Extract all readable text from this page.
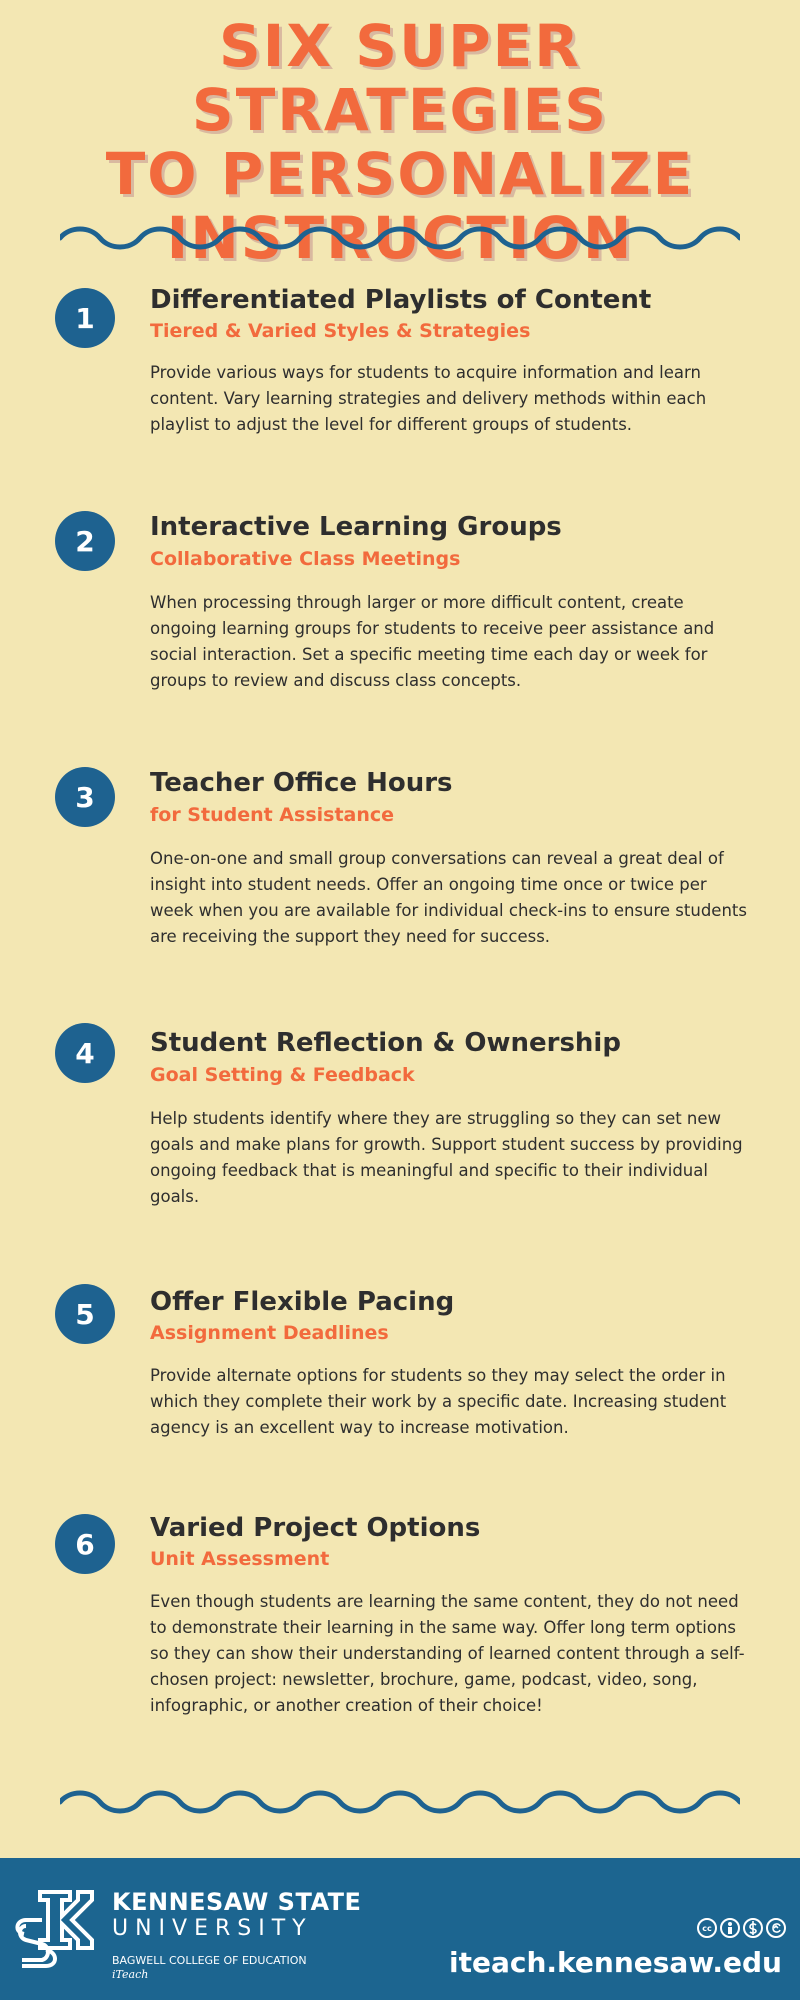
SIX SUPER STRATEGIES
TO PERSONALIZE
INSTRUCTION
1
Differentiated Playlists of Content
Tiered & Varied Styles & Strategies
Provide various ways for students to acquire information and learn content. Vary learning strategies and delivery methods within each playlist to adjust the level for different groups of students.
2	Interactive Learning Groups
Collaborative Class Meetings
When processing through larger or more difficult content, create ongoing learning groups for students to receive peer assistance and social interaction. Set a specific meeting time each day or week for groups to review and discuss class concepts.
3	Teacher Office Hours
for Student Assistance
One-on-one and small group conversations can reveal a great deal of insight into student needs. Offer an ongoing time once or twice per week when you are available for individual check-ins to ensure students are receiving the support they need for success.
4	Student Reflection & Ownership
Goal Setting & Feedback
Help students identify where they are struggling so they can set new goals and make plans for growth. Support student success by providing ongoing feedback that is meaningful and specific to their individual goals.
5	Offer Flexible Pacing
Assignment Deadlines
Provide alternate options for students so they may select the order in which they complete their work by a specific date. Increasing student agency is an excellent way to increase motivation.
6	Varied Project Options
Unit Assessment
Even though students are learning the same content, they do not need to demonstrate their learning in the same way. Offer long term options so they can show their understanding of learned content through a self-chosen project: newsletter, brochure, game, podcast, video, song, infographic, or another creation of their choice!
KENNESAW STATE
UNIVERSITY
BAGWELL COLLEGE OF EDUCATION
iTeach
cc
iteach.kennesaw.edu
